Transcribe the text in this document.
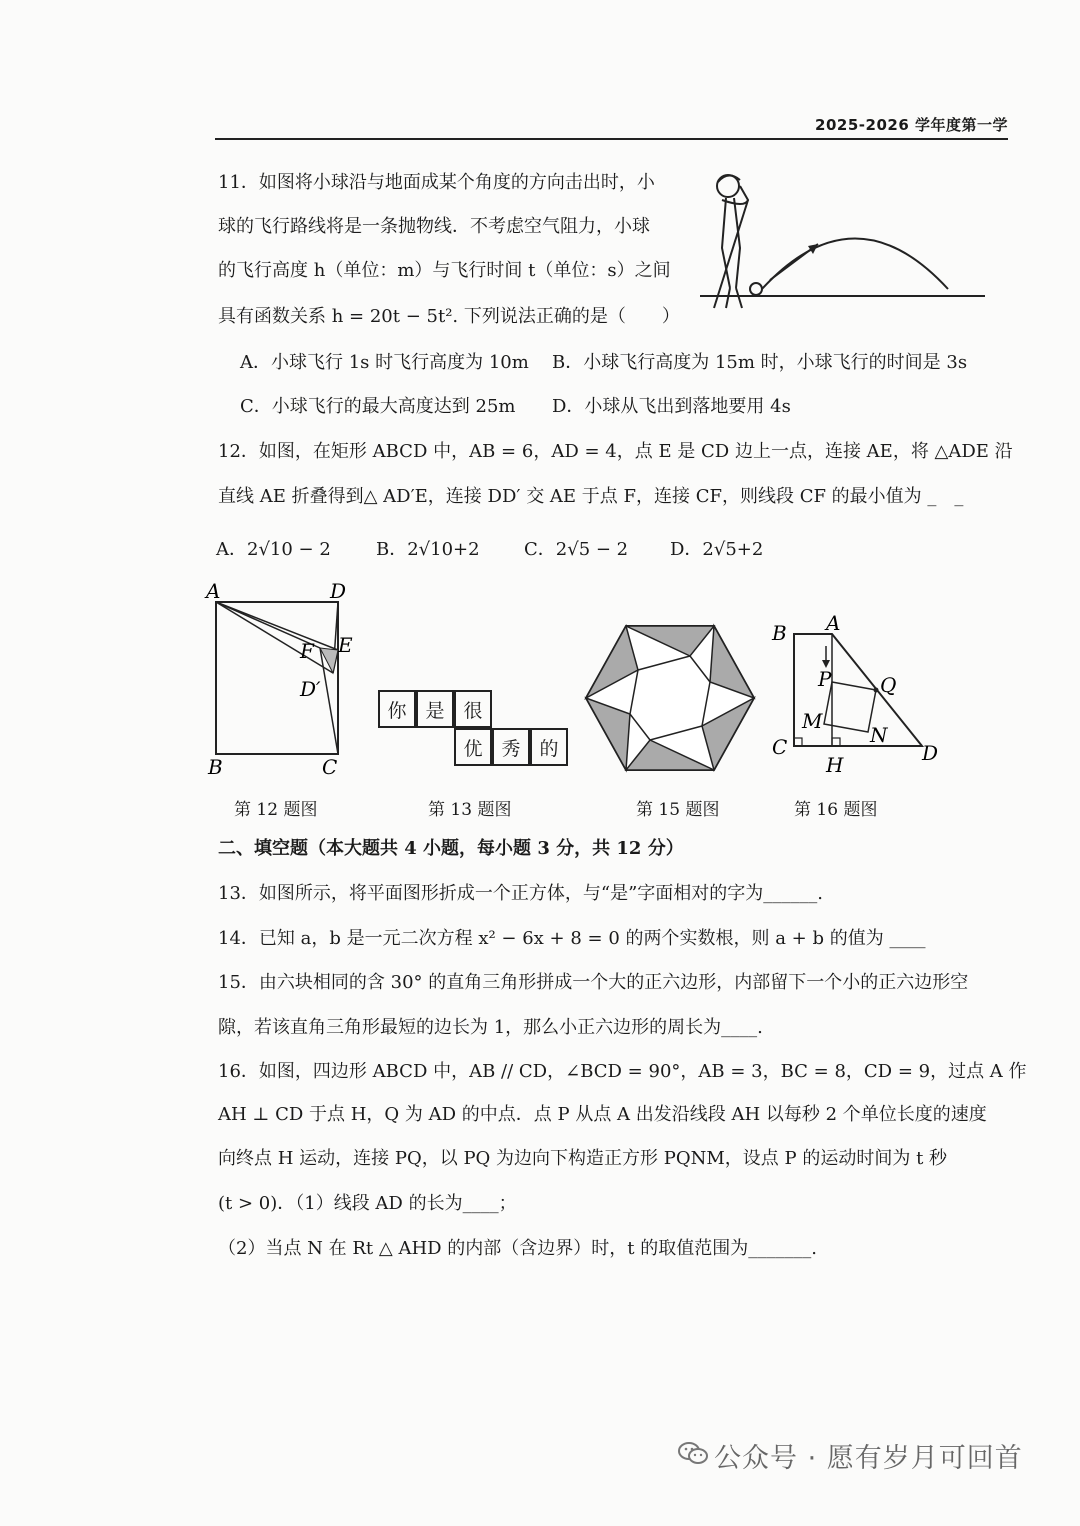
2025-2026 学年度第一学
11．如图将小球沿与地面成某个角度的方向击出时，小
球的飞行路线将是一条抛物线．不考虑空气阻力，小球
的飞行高度 h（单位：m）与飞行时间 t（单位：s）之间
具有函数关系 h = 20t − 5t². 下列说法正确的是（　　）
A．小球飞行 1s 时飞行高度为 10m B．小球飞行高度为 15m 时，小球飞行的时间是 3s
C．小球飞行的最大高度达到 25m D．小球从飞出到落地要用 4s
12．如图，在矩形 ABCD 中，AB = 6，AD = 4，点 E 是 CD 边上一点，连接 AE，将 △ADE 沿
直线 AE 折叠得到△ AD′E，连接 DD′ 交 AE 于点 F，连接 CF，则线段 CF 的最小值为 _　_
A．2√10 − 2	B．2√10+2 C．2√5 − 2 D．2√5+2
A	D
E
F
D′
B	C
第 12 题图
你 是 很
优 秀 的
第 13 题图	第 15 题图
B A
P Q
M
N
C
H	D
第 16 题图
二、填空题（本大题共 4 小题，每小题 3 分，共 12 分）
13．如图所示，将平面图形折成一个正方体，与“是”字面相对的字为______.
14．已知 a，b 是一元二次方程 x² − 6x + 8 = 0 的两个实数根，则 a + b 的值为 ____
15．由六块相同的含 30° 的直角三角形拼成一个大的正六边形，内部留下一个小的正六边形空
隙，若该直角三角形最短的边长为 1，那么小正六边形的周长为____.
16．如图，四边形 ABCD 中，AB // CD，∠BCD = 90°，AB = 3，BC = 8，CD = 9，过点 A 作
AH ⊥ CD 于点 H，Q 为 AD 的中点．点 P 从点 A 出发沿线段 AH 以每秒 2 个单位长度的速度
向终点 H 运动，连接 PQ，以 PQ 为边向下构造正方形 PQNM，设点 P 的运动时间为 t 秒
(t > 0)．（1）线段 AD 的长为____；
（2）当点 N 在 Rt △ AHD 的内部（含边界）时，t 的取值范围为_______.
公众号 · 愿有岁月可回首
